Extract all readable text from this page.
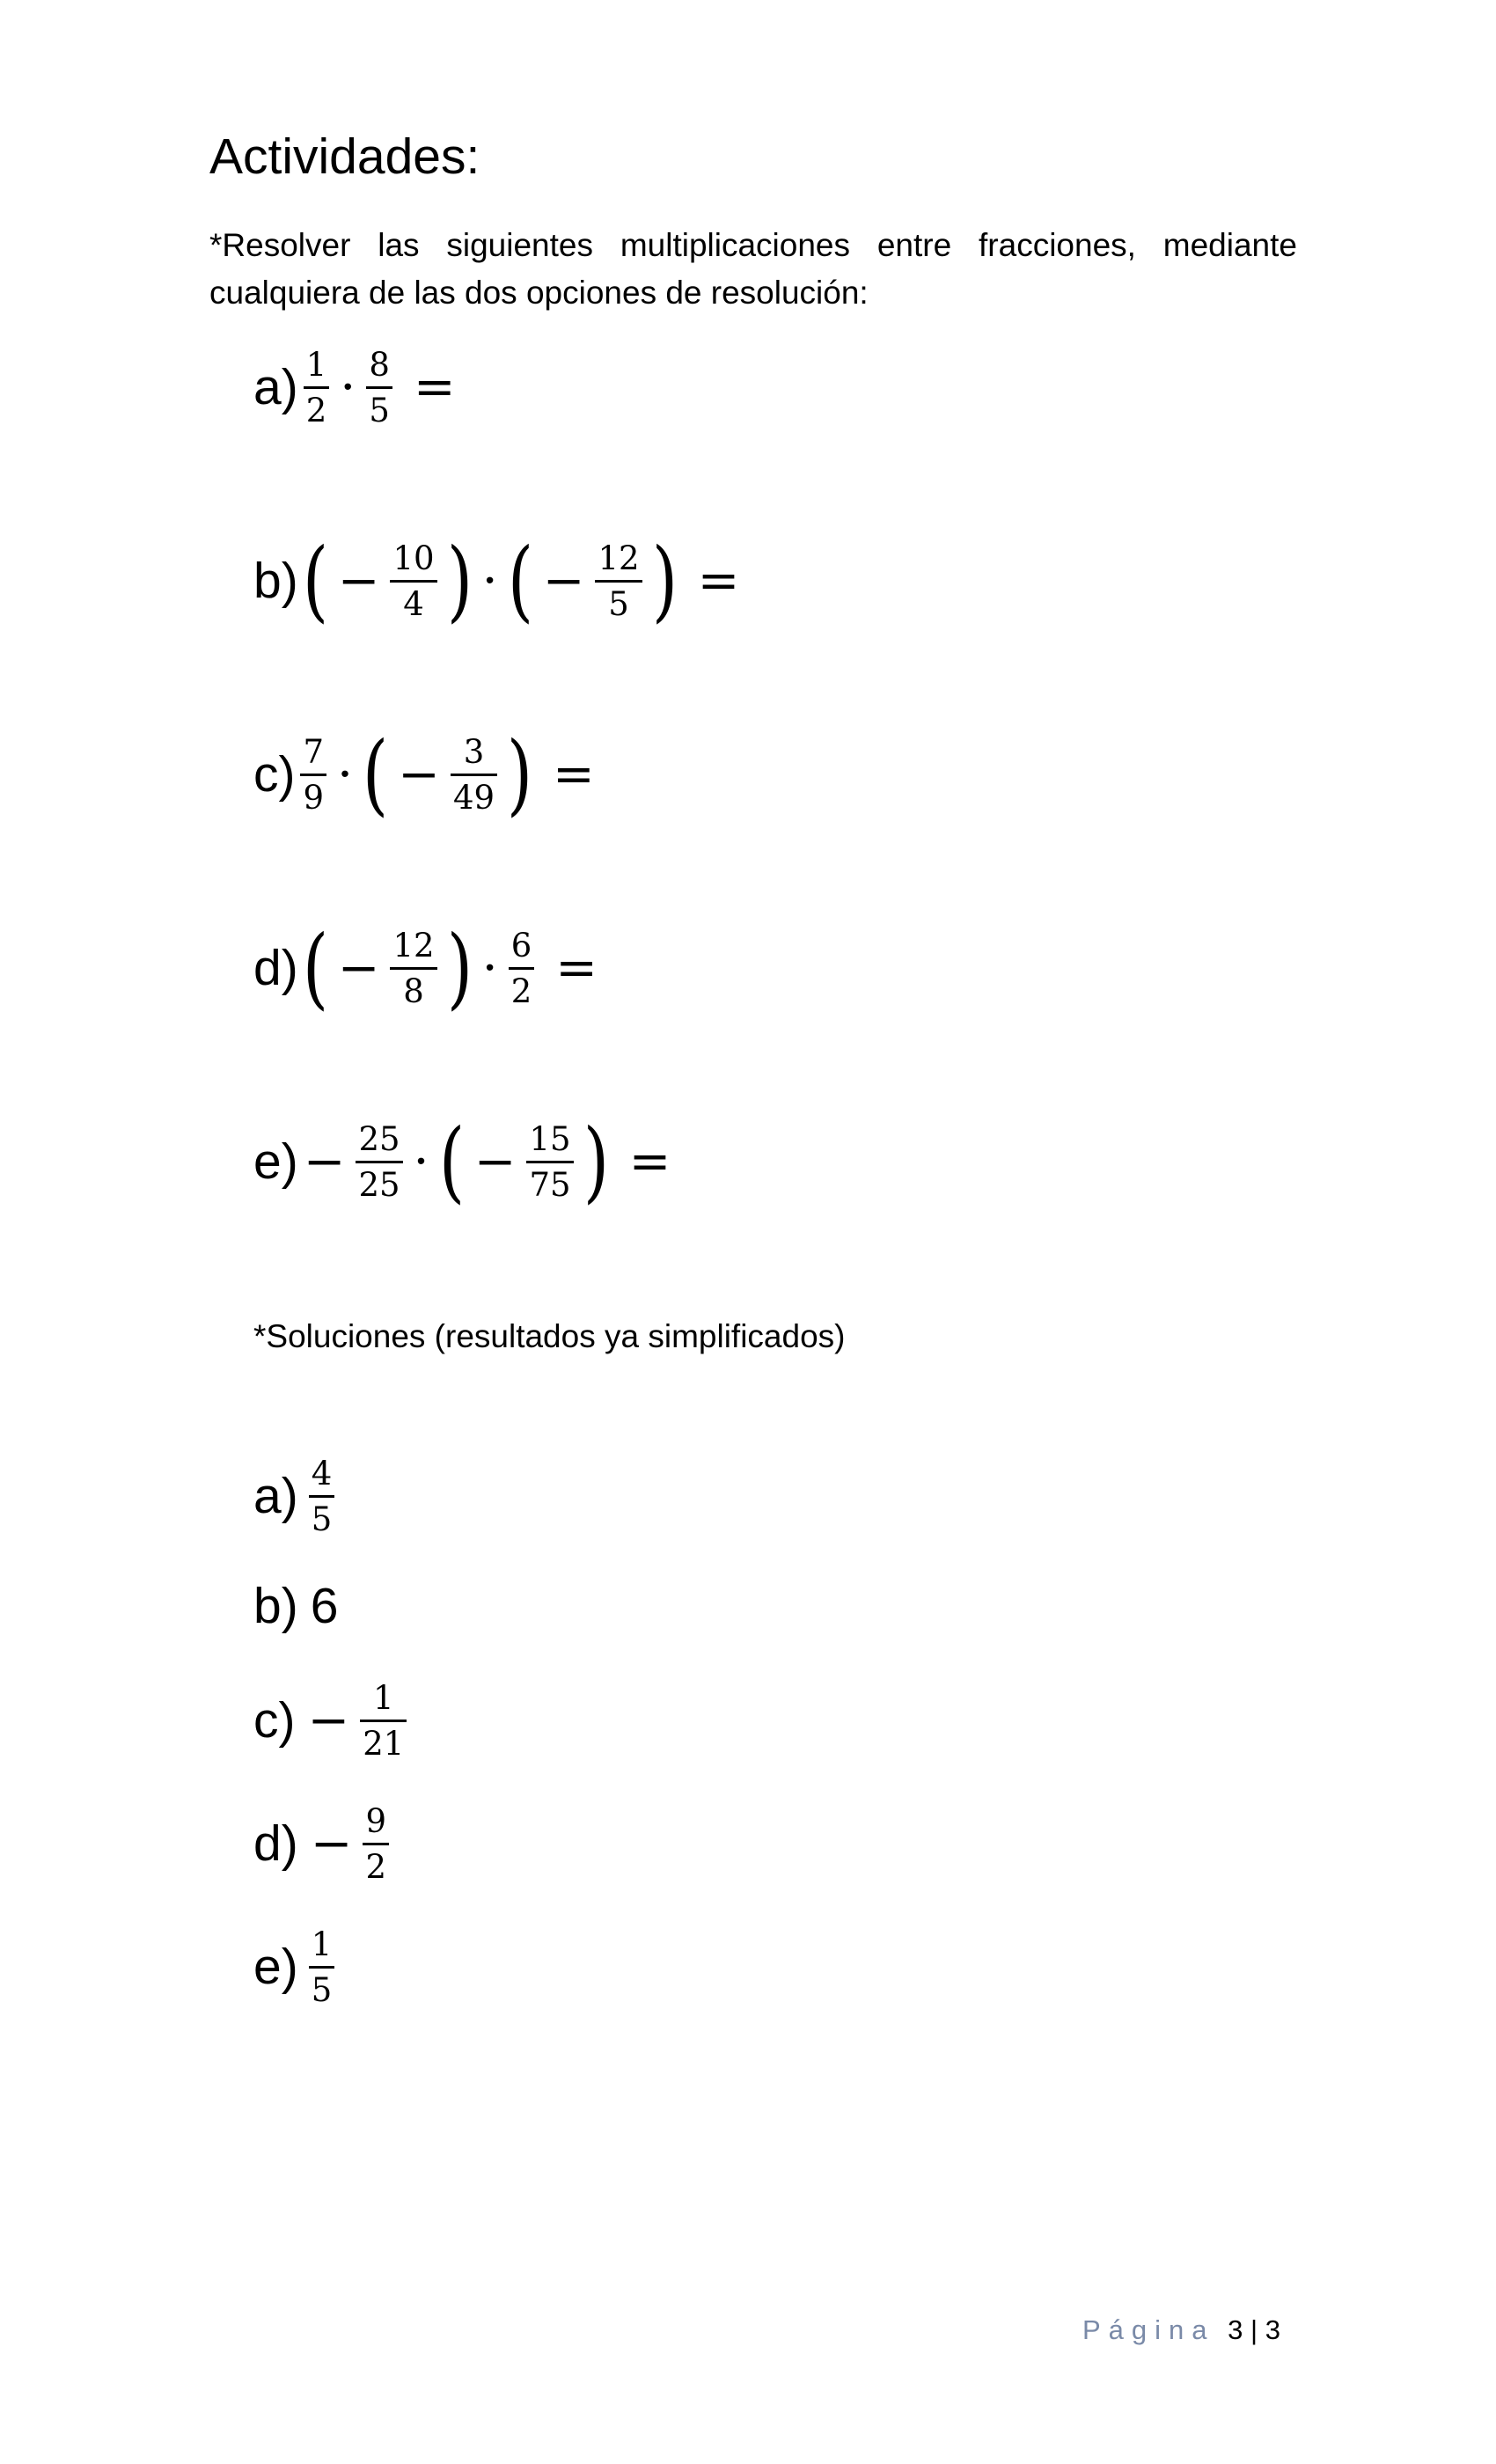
Actividades:
*Resolver las siguientes multiplicaciones entre fracciones, mediante cualquiera de las dos opciones de resolución:
$a) \frac{1}{2} \cdot \frac{8}{5}$ =
b) ( − $\frac{10}{4}$ ) · ( − $\frac{12}{5}$ ) =
$c) \frac{7}{9}$ · ( − $\frac{3}{49}$ ) =
d) ( − $\frac{12}{8}$ ) · $\frac{6}{2}$ =
$e) - \frac{25}{25}$ · ( − $\frac{15}{75}$ ) =
*Soluciones (resultados ya simplificados)
$a) \frac{4}{5}$
b) 6
$c) - \frac{1}{21}$
$d) - \frac{9}{2}$
$e) \frac{1}{5}$
Página 3 | 3
